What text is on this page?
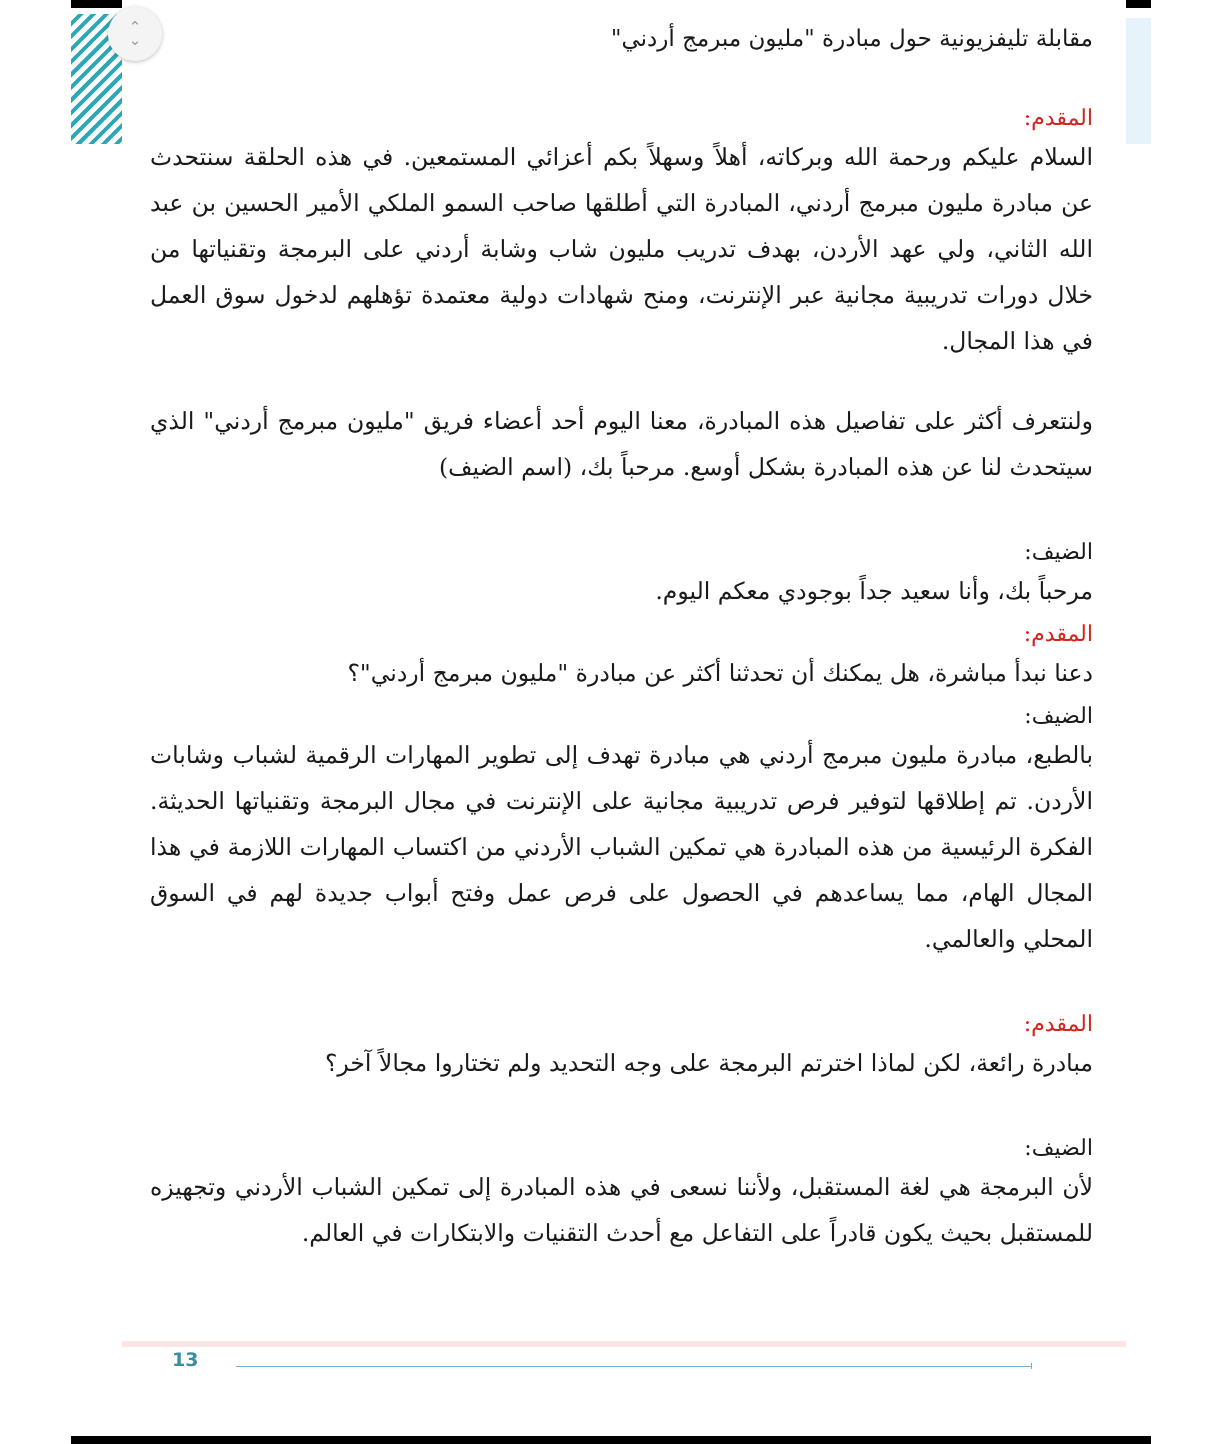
⌃
⌄	مقابلة تليفزيونية حول مبادرة "مليون مبرمج أردني"

المقدم:

السلام عليكم ورحمة الله وبركاته، أهلاً وسهلاً بكم أعزائي المستمعين. في هذه الحلقة سنتحدث عن مبادرة مليون مبرمج أردني، المبادرة التي أطلقها صاحب السمو الملكي الأمير الحسين بن عبد الله الثاني، ولي عهد الأردن، بهدف تدريب مليون شاب وشابة أردني على البرمجة وتقنياتها من خلال دورات تدريبية مجانية عبر الإنترنت، ومنح شهادات دولية معتمدة تؤهلهم لدخول سوق العمل في هذا المجال.

ولنتعرف أكثر على تفاصيل هذه المبادرة، معنا اليوم أحد أعضاء فريق "مليون مبرمج أردني" الذي سيتحدث لنا عن هذه المبادرة بشكل أوسع. مرحباً بك، (اسم الضيف)

الضيف:

مرحباً بك، وأنا سعيد جداً بوجودي معكم اليوم.

المقدم:

دعنا نبدأ مباشرة، هل يمكنك أن تحدثنا أكثر عن مبادرة "مليون مبرمج أردني"؟

الضيف:

بالطبع، مبادرة مليون مبرمج أردني هي مبادرة تهدف إلى تطوير المهارات الرقمية لشباب وشابات الأردن. تم إطلاقها لتوفير فرص تدريبية مجانية على الإنترنت في مجال البرمجة وتقنياتها الحديثة. الفكرة الرئيسية من هذه المبادرة هي تمكين الشباب الأردني من اكتساب المهارات اللازمة في هذا المجال الهام، مما يساعدهم في الحصول على فرص عمل وفتح أبواب جديدة لهم في السوق المحلي والعالمي.

المقدم:

مبادرة رائعة، لكن لماذا اخترتم البرمجة على وجه التحديد ولم تختاروا مجالاً آخر؟

الضيف:

لأن البرمجة هي لغة المستقبل، ولأننا نسعى في هذه المبادرة إلى تمكين الشباب الأردني وتجهيزه للمستقبل بحيث يكون قادراً على التفاعل مع أحدث التقنيات والابتكارات في العالم.

13
